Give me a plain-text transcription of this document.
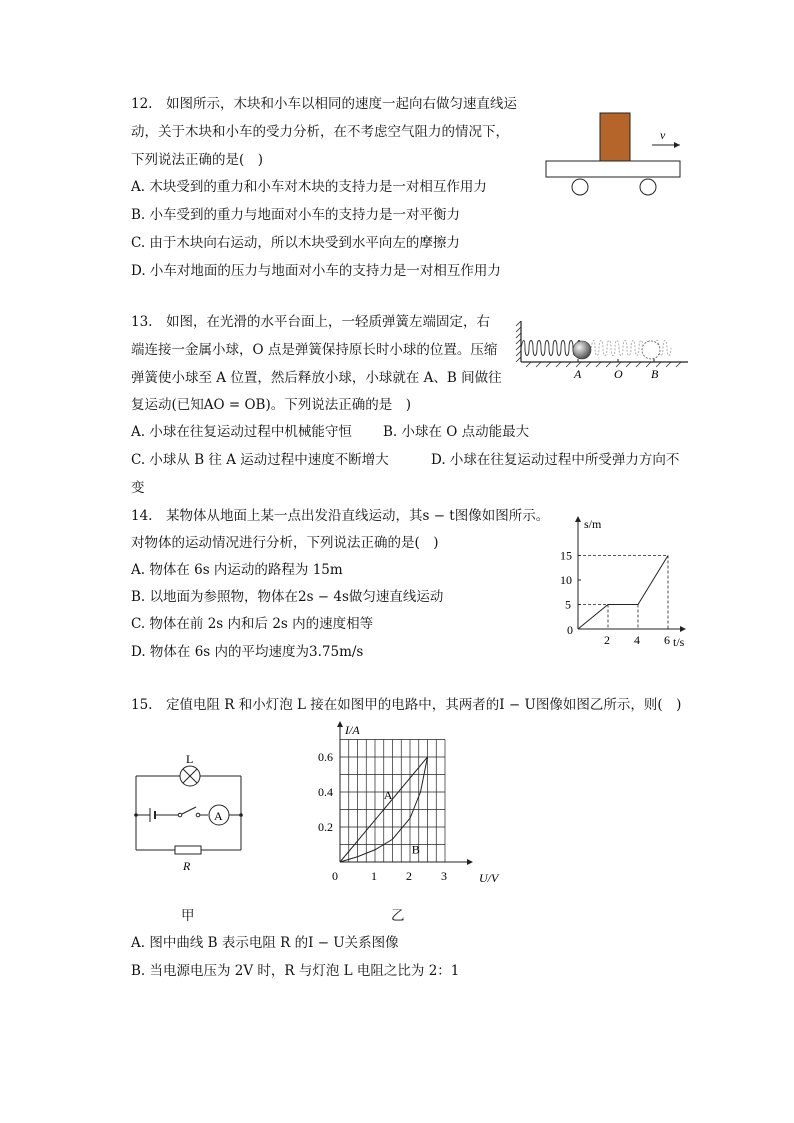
12.　如图所示，木块和小车以相同的速度一起向右做匀速直线运
动，关于木块和小车的受力分析，在不考虑空气阻力的情况下，
下列说法正确的是(　)
A. 木块受到的重力和小车对木块的支持力是一对相互作用力
B. 小车受到的重力与地面对小车的支持力是一对平衡力
C. 由于木块向右运动，所以木块受到水平向左的摩擦力
D. 小车对地面的压力与地面对小车的支持力是一对相互作用力
v
13.　如图，在光滑的水平台面上，一轻质弹簧左端固定，右
端连接一金属小球，O 点是弹簧保持原长时小球的位置。压缩
弹簧使小球至 A 位置，然后释放小球，小球就在 A、B 间做往
复运动(已知AO = OB)。下列说法正确的是　)
A. 小球在往复运动过程中机械能守恒 B. 小球在 O 点动能最大
C. 小球从 B 往 A 运动过程中速度不断增大	D. 小球在往复运动过程中所受弹力方向不
变
A	O B
14.　某物体从地面上某一点出发沿直线运动，其s − t图像如图所示。
对物体的运动情况进行分析，下列说法正确的是(　)
A. 物体在 6s 内运动的路程为 15m
B. 以地面为参照物，物体在2s − 4s做匀速直线运动
C. 物体在前 2s 内和后 2s 内的速度相等
D. 物体在 6s 内的平均速度为3.75m/s
s/m
t/s
0
2 4 6
5
10
15
15.　定值电阻 R 和小灯泡 L 接在如图甲的电路中，其两者的I − U图像如图乙所示，则(　)
L
A
R
I/A
U/V
0	1 2 3
0.2
0.4
0.6
A
B
甲	乙
A. 图中曲线 B 表示电阻 R 的I − U关系图像
B. 当电源电压为 2V 时，R 与灯泡 L 电阻之比为 2：1
